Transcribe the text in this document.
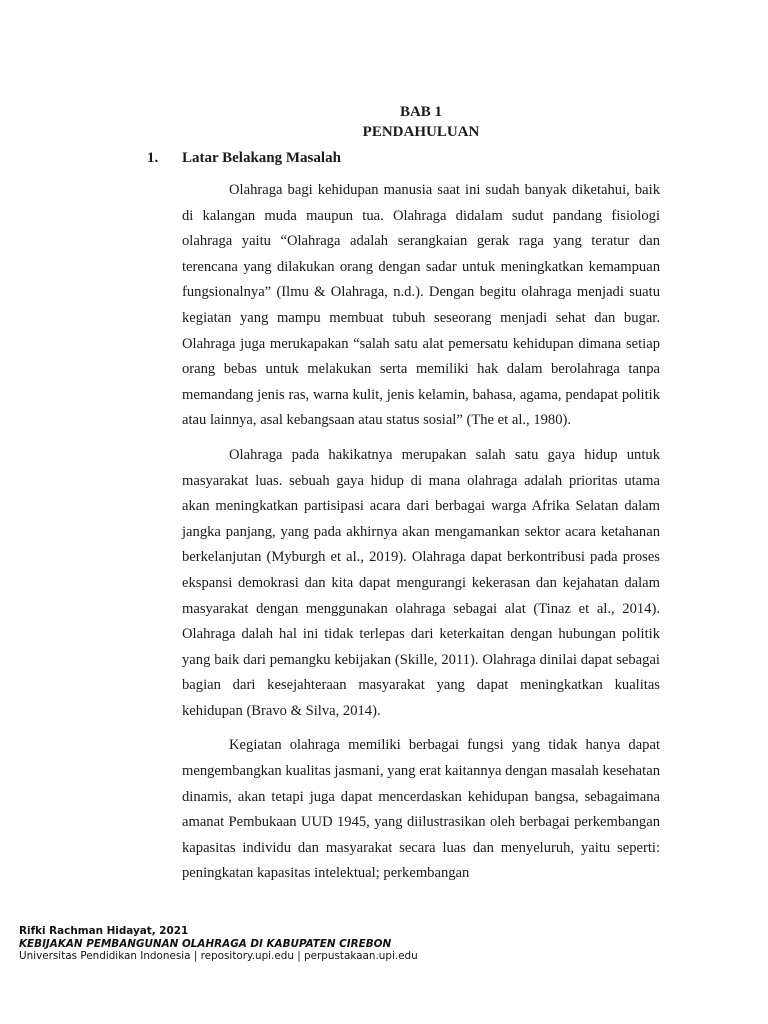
BAB 1
PENDAHULUAN
1. Latar Belakang Masalah

Olahraga bagi kehidupan manusia saat ini sudah banyak diketahui, baik di kalangan muda maupun tua. Olahraga didalam sudut pandang fisiologi olahraga yaitu “Olahraga adalah serangkaian gerak raga yang teratur dan terencana yang dilakukan orang dengan sadar untuk meningkatkan kemampuan fungsionalnya” (Ilmu & Olahraga, n.d.). Dengan begitu olahraga menjadi suatu kegiatan yang mampu membuat tubuh seseorang menjadi sehat dan bugar. Olahraga juga merukapakan “salah satu alat pemersatu kehidupan dimana setiap orang bebas untuk melakukan serta memiliki hak dalam berolahraga tanpa memandang jenis ras, warna kulit, jenis kelamin, bahasa, agama, pendapat politik atau lainnya, asal kebangsaan atau status sosial” (The et al., 1980).

Olahraga pada hakikatnya merupakan salah satu gaya hidup untuk masyarakat luas. sebuah gaya hidup di mana olahraga adalah prioritas utama akan meningkatkan partisipasi acara dari berbagai warga Afrika Selatan dalam jangka panjang, yang pada akhirnya akan mengamankan sektor acara ketahanan berkelanjutan (Myburgh et al., 2019). Olahraga dapat berkontribusi pada proses ekspansi demokrasi dan kita dapat mengurangi kekerasan dan kejahatan dalam masyarakat dengan menggunakan olahraga sebagai alat (Tinaz et al., 2014). Olahraga dalah hal ini tidak terlepas dari keterkaitan dengan hubungan politik yang baik dari pemangku kebijakan (Skille, 2011). Olahraga dinilai dapat sebagai bagian dari kesejahteraan masyarakat yang dapat meningkatkan kualitas kehidupan (Bravo & Silva, 2014).

Kegiatan olahraga memiliki berbagai fungsi yang tidak hanya dapat mengembangkan kualitas jasmani, yang erat kaitannya dengan masalah kesehatan dinamis, akan tetapi juga dapat mencerdaskan kehidupan bangsa, sebagaimana amanat Pembukaan UUD 1945, yang diilustrasikan oleh berbagai perkembangan kapasitas individu dan masyarakat secara luas dan menyeluruh, yaitu seperti: peningkatan kapasitas intelektual; perkembangan

Rifki Rachman Hidayat, 2021
KEBIJAKAN PEMBANGUNAN OLAHRAGA DI KABUPATEN CIREBON
Universitas Pendidikan Indonesia | repository.upi.edu | perpustakaan.upi.edu
